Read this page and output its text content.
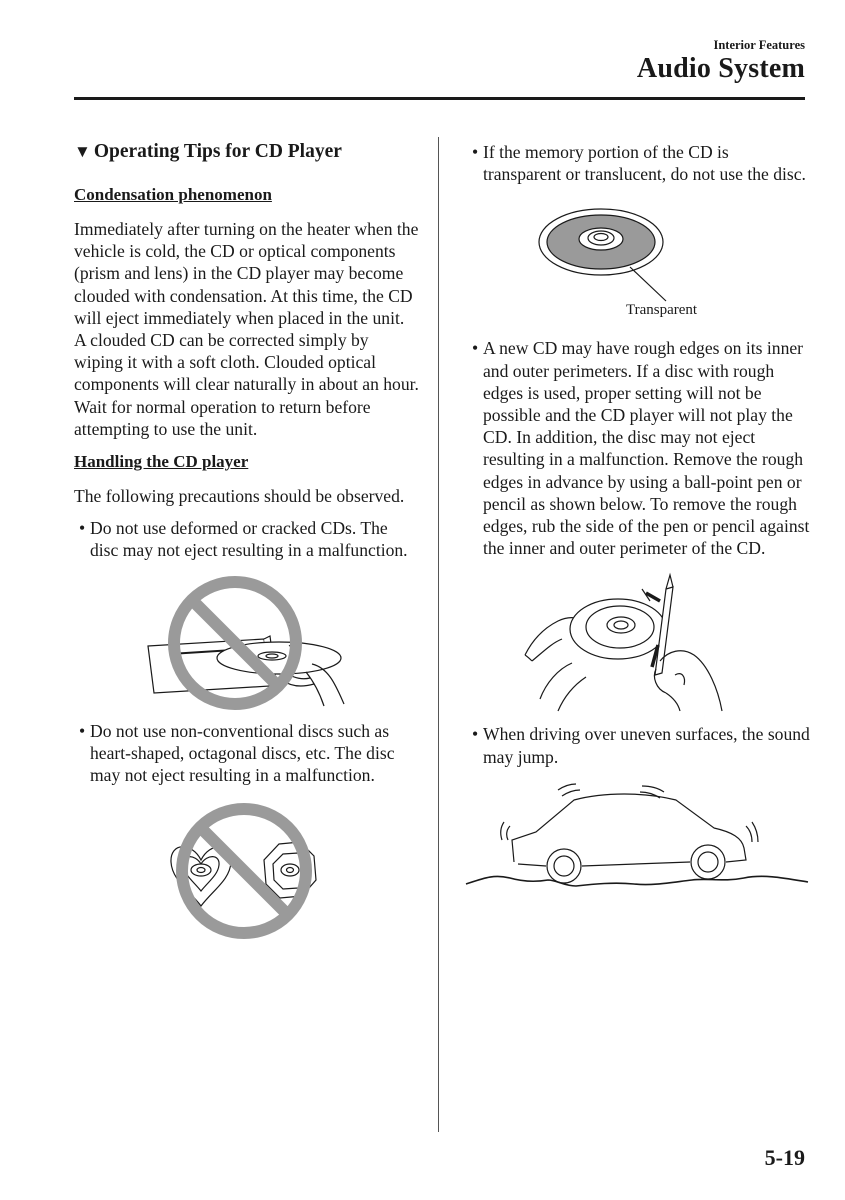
Interior Features
Audio System
▼ Operating Tips for CD Player
Condensation phenomenon

Immediately after turning on the heater when the vehicle is cold, the CD or optical components (prism and lens) in the CD player may become clouded with condensation. At this time, the CD will eject immediately when placed in the unit. A clouded CD can be corrected simply by wiping it with a soft cloth. Clouded optical components will clear naturally in about an hour. Wait for normal operation to return before attempting to use the unit.

Handling the CD player

The following precautions should be observed.

• Do not use deformed or cracked CDs. The disc may not eject resulting in a malfunction.
• Do not use non-conventional discs such as heart-shaped, octagonal discs, etc. The disc may not eject resulting in a malfunction.
• If the memory portion of the CD is transparent or translucent, do not use the disc.
Transparent
• A new CD may have rough edges on its inner and outer perimeters. If a disc with rough edges is used, proper setting will not be possible and the CD player will not play the CD. In addition, the disc may not eject resulting in a malfunction. Remove the rough edges in advance by using a ball-point pen or pencil as shown below. To remove the rough edges, rub the side of the pen or pencil against the inner and outer perimeter of the CD.
• When driving over uneven surfaces, the sound may jump.
5-19
